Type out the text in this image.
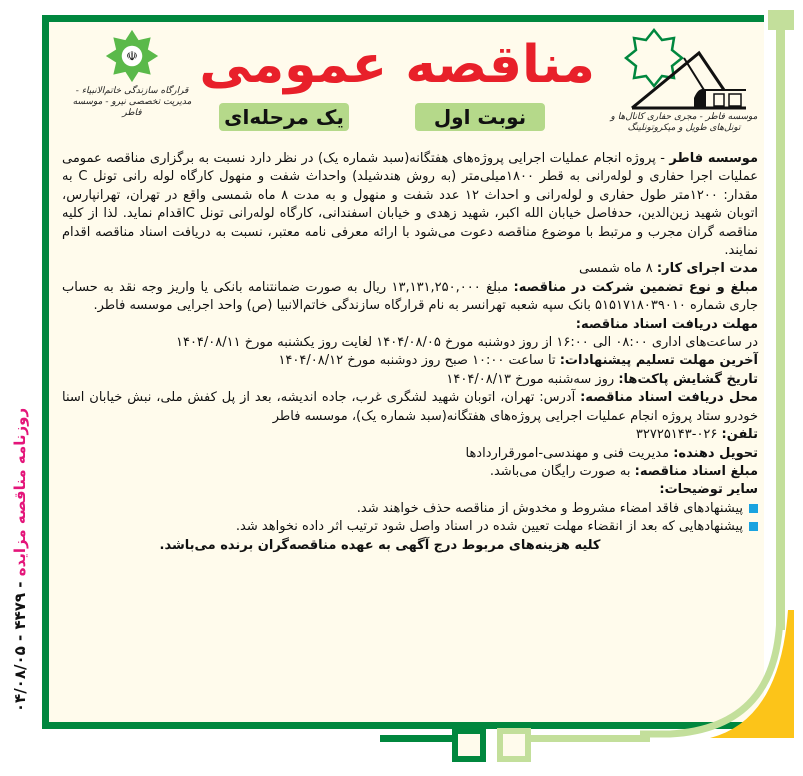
☫
قرارگاه سازندگی خاتم‌الانبیاء - مدیریت تخصصی نیرو - موسسه فاطر
مناقصه عمومی
نوبت اول
یک مرحله‌ای	موسسه فاطر - مجری حفاری کانال‌ها و تونل‌های طویل و میکروتونلینگ

موسسه فاطر - پروژه انجام عملیات اجرایی پروژه‌های هفتگانه(سبد شماره یک) در نظر دارد نسبت به برگزاری مناقصه عمومی عملیات اجرا حفاری و لوله‌رانی به قطر ۱۸۰۰میلی‌متر (به روش هندشیلد) واحداث شفت و منهول کارگاه لوله رانی تونل C به مقدار: ۱۲۰۰متر طول حفاری و لوله‌رانی و احداث ۱۲ عدد شفت و منهول و به مدت ۸ ماه شمسی واقع در تهران، تهرانپارس، اتوبان شهید زین‌الدین، حدفاصل خیابان الله اکبر، شهید زهدی و خیابان اسفندانی، کارگاه لوله‌رانی تونل Cاقدام نماید. لذا از کلیه مناقصه گران مجرب و مرتبط با موضوع مناقصه دعوت می‌شود با ارائه معرفی نامه معتبر، نسبت به دریافت اسناد مناقصه اقدام نمایند.

مدت اجرای کار: ۸ ماه شمسی

مبلغ و نوع تضمین شرکت در مناقصه: مبلغ ۱۳,۱۳۱,۲۵۰,۰۰۰ ریال به صورت ضمانتنامه بانکی یا واریز وجه نقد به حساب جاری شماره ۵۱۵۱۷۱۸۰۳۹۰۱۰ بانک سپه شعبه تهرانسر به نام قرارگاه سازندگی خاتم‌الانبیا (ص) واحد اجرایی موسسه فاطر.

مهلت دریافت اسناد مناقصه:

در ساعت‌های اداری ۰۸:۰۰ الی ۱۶:۰۰ از روز دوشنبه مورخ ۱۴۰۴/۰۸/۰۵ لغایت روز یکشنبه مورخ ۱۴۰۴/۰۸/۱۱

آخرین مهلت تسلیم پیشنهادات: تا ساعت ۱۰:۰۰ صبح روز دوشنبه مورخ ۱۴۰۴/۰۸/۱۲

تاریخ گشایش پاکت‌ها: روز سه‌شنبه مورخ ۱۴۰۴/۰۸/۱۳

محل دریافت اسناد مناقصه: آدرس: تهران، اتوبان شهید لشگری غرب، جاده اندیشه، بعد از پل کفش ملی، نبش خیابان اسنا خودرو ستاد پروژه انجام عملیات اجرایی پروژه‌های هفتگانه(سبد شماره یک)، موسسه فاطر

تلفن: ۰۲۶-۳۲۷۲۵۱۴۳

تحویل دهنده: مدیریت فنی و مهندسی-امورقراردادها

مبلغ اسناد مناقصه: به صورت رایگان می‌باشد.

سایر توضیحات:

پیشنهادهای فاقد امضاء مشروط و مخدوش از مناقصه حذف خواهند شد.

پیشنهادهایی که بعد از انقضاء مهلت تعیین شده در اسناد واصل شود ترتیب اثر داده نخواهد شد.

کلیه هزینه‌های مربوط درج آگهی به عهده مناقصه‌گران برنده می‌باشد.

۰۴/۰۸/۰۵ - ۴۴۷۹ - روزنامه مناقصه مزایده
